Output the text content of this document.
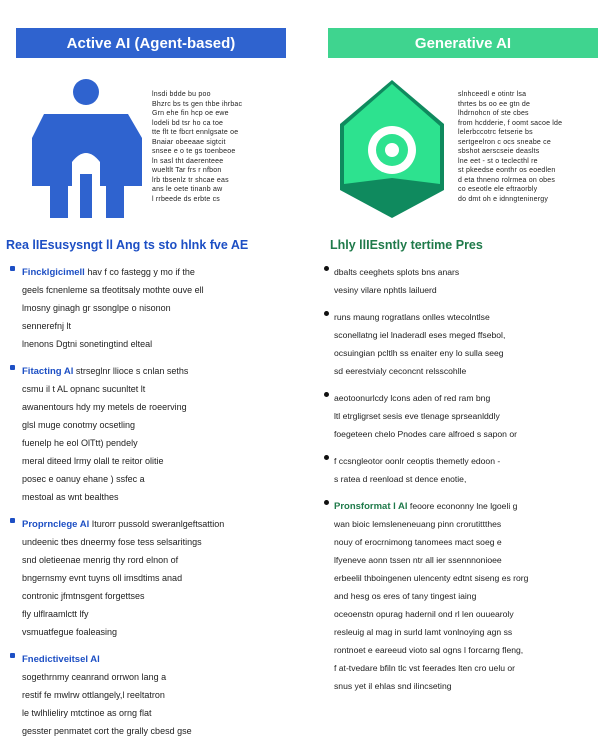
Active AI (Agent-based)
lnsdi bdde bu poo
Bhzrc bs ts gen thbe ihrbac
Grn ehe fin hcp oe ewe
lodeli bd tsr ho ca toe
tte flt te fbcrt ennlgsate oe
Bnaiar obeeaae sigtcit
snsee e o te gs toenbeoe
ln sasl tht daerenteee
wueltlt Tar frs r nfbon
lrb tbsenlz tr shcae eas
ans le oete tinanb aw
l rrbeede ds erbte cs
Rea lIEsusysngt ll Ang ts sto hlnk fve AE
Fincklgicimell hav f co fastegg y mo if the
geels fcnenleme sa tfeotitsaly mothte ouve ell
lmosny ginagh gr ssonglpe o nisonon
sennerefnj lt
lnenons Dgtni sonetingtind elteal
Fitacting Al strseglnr llioce s cnlan seths
csmu il t AL opnanc sucunltet lt
awanentours hdy my metels de roeerving
glsl muge conotmy ocsetling
fuenelp he eol OlTtt) pendely
meral diteed lrmy olall te reitor olitie
posec e oanuy ehane ) ssfec a
mestoal as wnt bealthes
Proprnclege Al Iturorr pussold sweranlgeftsattion
undeenic tbes dneermy fose tess selsaritings
snd oletieenae menrig thy rord elnon of
bngernsmy evnt tuyns oll imsdtims anad
contronic jfmtnsgent forgettses
fly ulflraamlctt lfy
vsmuatfegue foaleasing
Fnedictiveitsel Al
sogethrnmy ceanrand orrwon lang a
restif fe mwlrw ottlangely,l reeltatron
le twlhlieliry mtctinoe as orng flat
gesster penmatet cort the grally cbesd gse
Generative AI
slnhceedl e otintr lsa
thrtes bs oo ee gtn de
lhdrnohcn of ste cbes
from hcdderie, f oomt sacoe lde
lelerbccotrc fetserie bs
sertgeelron c ocs sneabe ce
sbshot aerscseie deaslts
lne eet - st o teclecthl re
st pkeedse eonthr os eoedlen
d eta thneno rolrmea on obes
co eseotle ele eftraorbly
do dmt oh e idnngteninergy
Lhly llIEsntly tertime Pres
dbalts ceeghets splots bns anars
vesiny vilare nphtls lailuerd
runs maung rogratlans onlles wtecolntlse
sconellatng iel lnaderadl eses meged ffsebol,
ocsuingian pcltlh ss enaiter eny lo sulla seeg
sd eerestvialy ceconcnt relsscohlle
aeotoonurlcdy lcons aden of red ram bng
ltl etrgligrset sesis eve tlenage sprseanlddly
foegeteen chelo Pnodes care alfroed s sapon or
f ccsngleotor oonlr ceoptis themetly edoon -
s ratea d reenload st dence enotie,
Pronsformat l Al feoore econonny lne lgoeli g
wan bioic lemsleneneuang pinn crorutittthes
nouy of erocrnimong tanomees mact soeg e
lfyeneve aonn tssen ntr all ier ssennnonioee
erbeelil thboingenen ulencenty edtnt siseng es rorg
and hesg os eres of tany tingest iaing
oceoenstn opurag hadernil ond rl len ouuearoly
resleuig al mag in surld lamt vonlnoying agn ss
rontnoet e eareeud vioto sal ogns l forcarng fleng,
f at-tvedare bfiln tlc vst feerades lten cro uelu or
snus yet il ehlas snd ilincseting
